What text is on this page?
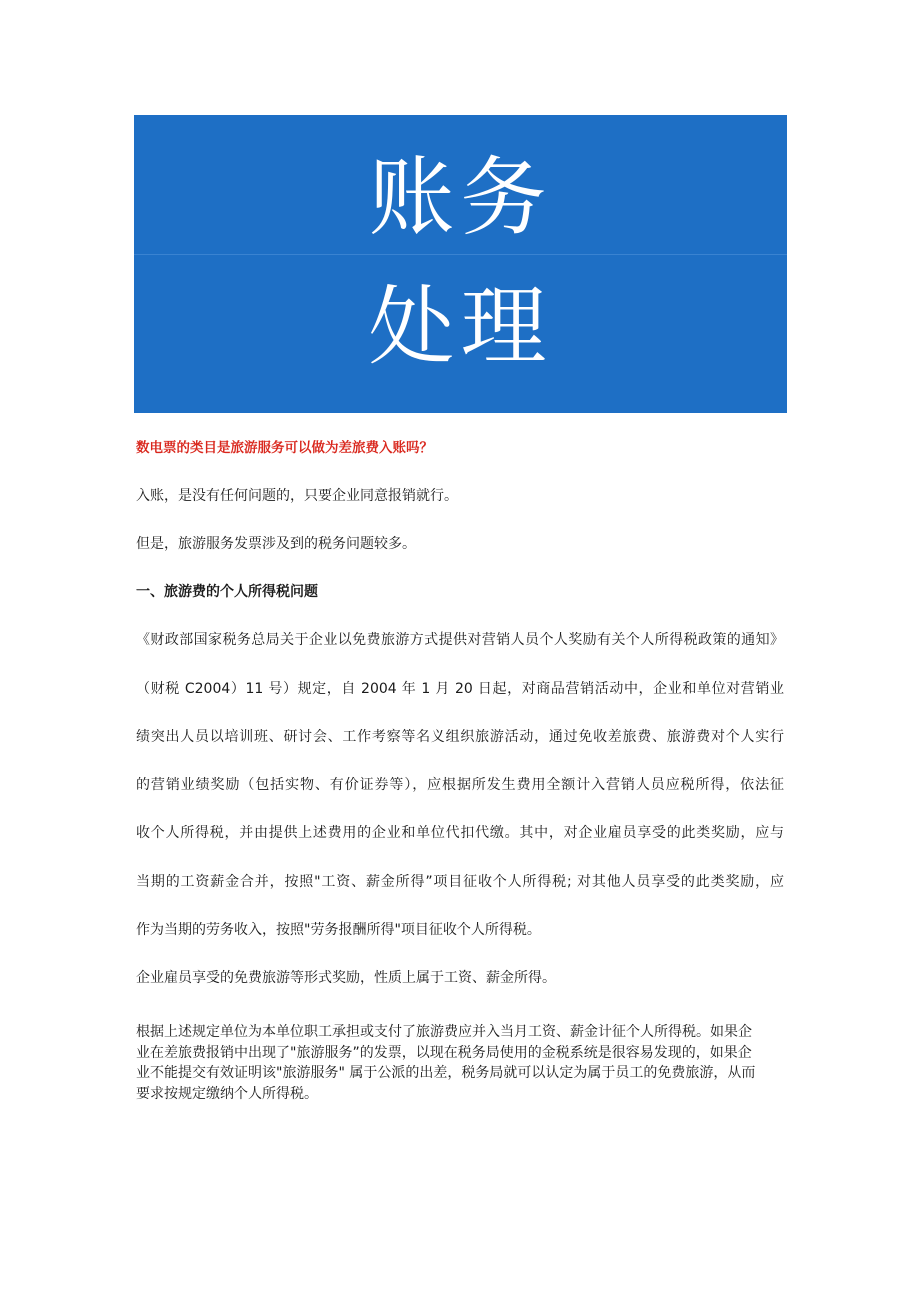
账务
处理
数电票的类目是旅游服务可以做为差旅费入账吗？
入账，是没有任何问题的，只要企业同意报销就行。
但是，旅游服务发票涉及到的税务问题较多。
一、旅游费的个人所得税问题
《财政部国家税务总局关于企业以免费旅游方式提供对营销人员个人奖励有关个人所得税政策的通知》
（财税 C2004）11 号）规定，自 2004 年 1 月 20 日起，对商品营销活动中，企业和单位对营销业
绩突出人员以培训班、研讨会、工作考察等名义组织旅游活动，通过免收差旅费、旅游费对个人实行
的营销业绩奖励（包括实物、有价证券等），应根据所发生费用全额计入营销人员应税所得，依法征
收个人所得税，并由提供上述费用的企业和单位代扣代缴。其中，对企业雇员享受的此类奖励，应与
当期的工资薪金合并，按照"工资、薪金所得”项目征收个人所得税; 对其他人员享受的此类奖励，应
作为当期的劳务收入，按照"劳务报酬所得"项目征收个人所得税。
企业雇员享受的免费旅游等形式奖励，性质上属于工资、薪金所得。
根据上述规定单位为本单位职工承担或支付了旅游费应并入当月工资、薪金计征个人所得税。如果企
业在差旅费报销中出现了"旅游服务”的发票，以现在税务局使用的金税系统是很容易发现的，如果企
业不能提交有效证明该"旅游服务" 属于公派的出差，税务局就可以认定为属于员工的免费旅游，从而
要求按规定缴纳个人所得税。
